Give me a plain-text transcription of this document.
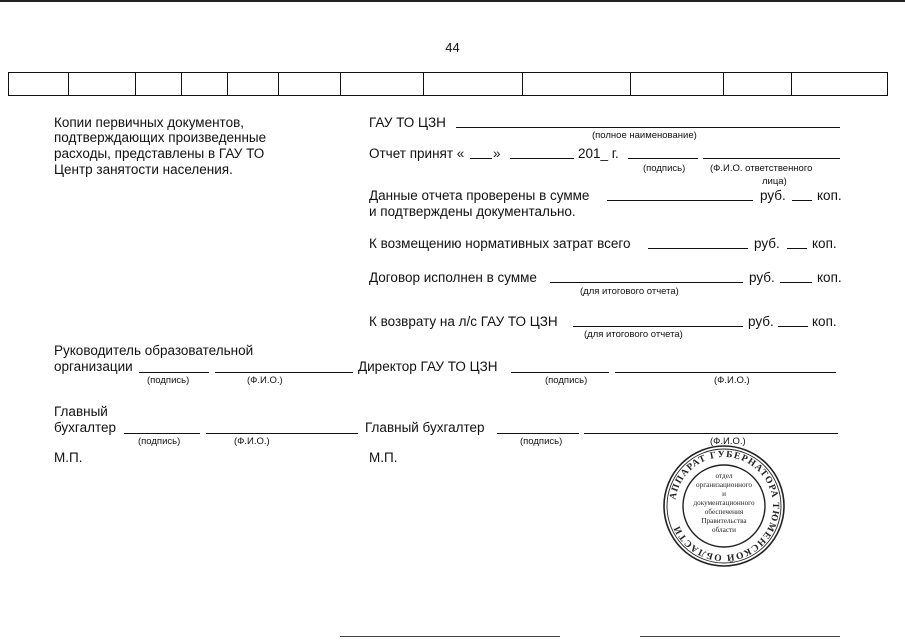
44
Копии первичных документов,
подтверждающих произведенные
расходы, представлены в ГАУ ТО
Центр занятости населения.
ГАУ ТО ЦЗН
(полное наименование)
Отчет принят « »	201_ г.
(подпись)	(Ф.И.О. ответственного
лица)
Данные отчета проверены в сумме	руб. коп.
и подтверждены документально.
К возмещению нормативных затрат всего	руб. коп.
Договор исполнен в сумме	руб.	коп.
(для итогового отчета)
К возврату на л/с ГАУ ТО ЦЗН	руб.	коп.
(для итогового отчета)
Руководитель образовательной
организации
(подпись)	(Ф.И.О.)
Директор ГАУ ТО ЦЗН
(подпись)	(Ф.И.О.)
Главный
бухгалтер
(подпись)	(Ф.И.О.)
Главный бухгалтер
(подпись)	(Ф.И.О.)
М.П.	М.П.
АППАРАТ ГУБЕРНАТОРА ТЮМЕНСКОЙ ОБЛАСТИ
отдел
организационного
и
документационного
обеспечения
Правительства
области
